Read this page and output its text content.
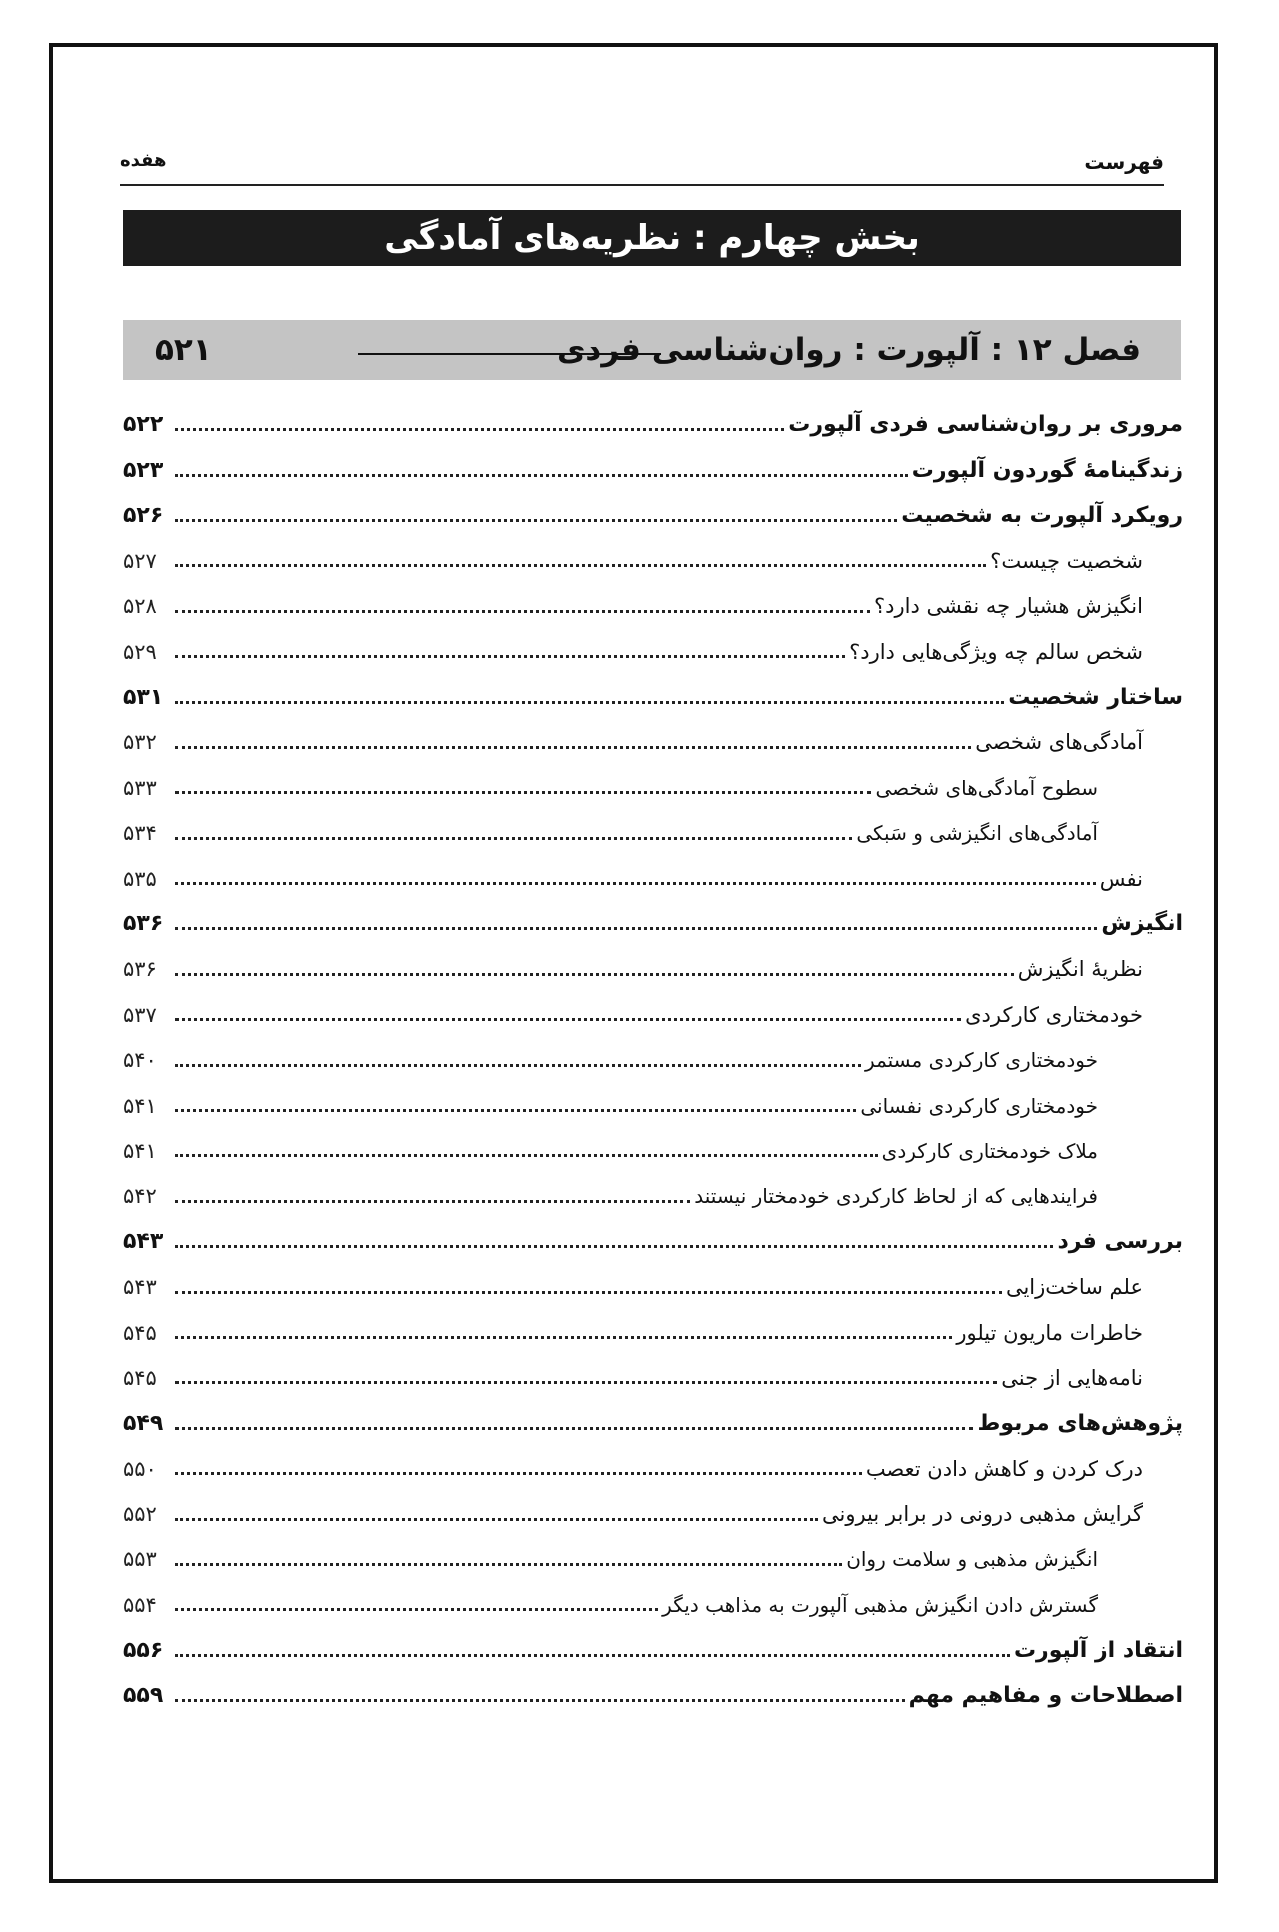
فهرست
هفده
بخش چهارم : نظریه‌های آمادگی
فصل ۱۲ : آلپورت : روان‌شناسی فردی
۵۲۱
مروری بر روان‌شناسی فردی آلپورت
۵۲۲
زندگینامۀ گوردون آلپورت
۵۲۳
رویکرد آلپورت به شخصیت
۵۲۶
شخصیت چیست؟
۵۲۷
انگیزش هشیار چه نقشی دارد؟
۵۲۸
شخص سالم چه ویژگی‌هایی دارد؟
۵۲۹
ساختار شخصیت
۵۳۱
آمادگی‌های شخصی
۵۳۲
سطوح آمادگی‌های شخصی
۵۳۳
آمادگی‌های انگیزشی و سَبکی
۵۳۴
نفس
۵۳۵
انگیزش
۵۳۶
نظریۀ انگیزش
۵۳۶
خودمختاری کارکردی
۵۳۷
خودمختاری کارکردی مستمر
۵۴۰
خودمختاری کارکردی نفسانی
۵۴۱
ملاک خودمختاری کارکردی
۵۴۱
فرایندهایی که از لحاظ کارکردی خودمختار نیستند
۵۴۲
بررسی فرد
۵۴۳
علم ساخت‌زایی
۵۴۳
خاطرات ماریون تیلور
۵۴۵
نامه‌هایی از جنی
۵۴۵
پژوهش‌های مربوط
۵۴۹
درک کردن و کاهش دادن تعصب
۵۵۰
گرایش مذهبی درونی در برابر بیرونی
۵۵۲
انگیزش مذهبی و سلامت روان
۵۵۳
گسترش دادن انگیزش مذهبی آلپورت به مذاهب دیگر
۵۵۴
انتقاد از آلپورت
۵۵۶
اصطلاحات و مفاهیم مهم
۵۵۹
